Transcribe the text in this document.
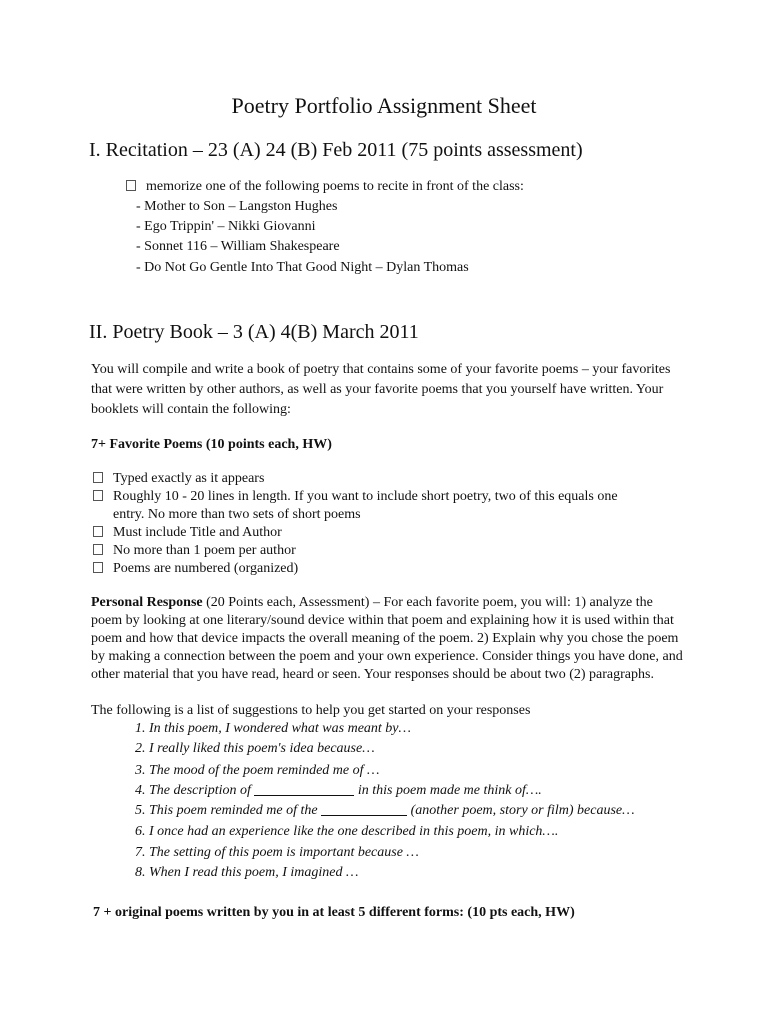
Poetry Portfolio Assignment Sheet
I. Recitation – 23 (A) 24 (B) Feb 2011 (75 points assessment)
memorize one of the following poems to recite in front of the class:
- Mother to Son – Langston Hughes
- Ego Trippin' – Nikki Giovanni
- Sonnet 116 – William Shakespeare
- Do Not Go Gentle Into That Good Night – Dylan Thomas
II. Poetry Book – 3 (A) 4(B) March 2011
You will compile and write a book of poetry that contains some of your favorite poems – your favorites that were written by other authors, as well as your favorite poems that you yourself have written. Your booklets will contain the following:
7+ Favorite Poems (10 points each, HW)
Typed exactly as it appears
Roughly 10 - 20 lines in length. If you want to include short poetry, two of this equals one
entry. No more than two sets of short poems
Must include Title and Author
No more than 1 poem per author
Poems are numbered (organized)
Personal Response (20 Points each, Assessment) – For each favorite poem, you will: 1) analyze the poem by looking at one literary/sound device within that poem and explaining how it is used within that poem and how that device impacts the overall meaning of the poem. 2) Explain why you chose the poem by making a connection between the poem and your own experience. Consider things you have done, and other material that you have read, heard or seen. Your responses should be about two (2) paragraphs.
The following is a list of suggestions to help you get started on your responses
1. In this poem, I wondered what was meant by…
2. I really liked this poem's idea because…
3. The mood of the poem reminded me of …
4. The description of	in this poem made me think of….
5. This poem reminded me of the	(another poem, story or film) because…
6. I once had an experience like the one described in this poem, in which….
7. The setting of this poem is important because …
8. When I read this poem, I imagined …
7 + original poems written by you in at least 5 different forms: (10 pts each, HW)
